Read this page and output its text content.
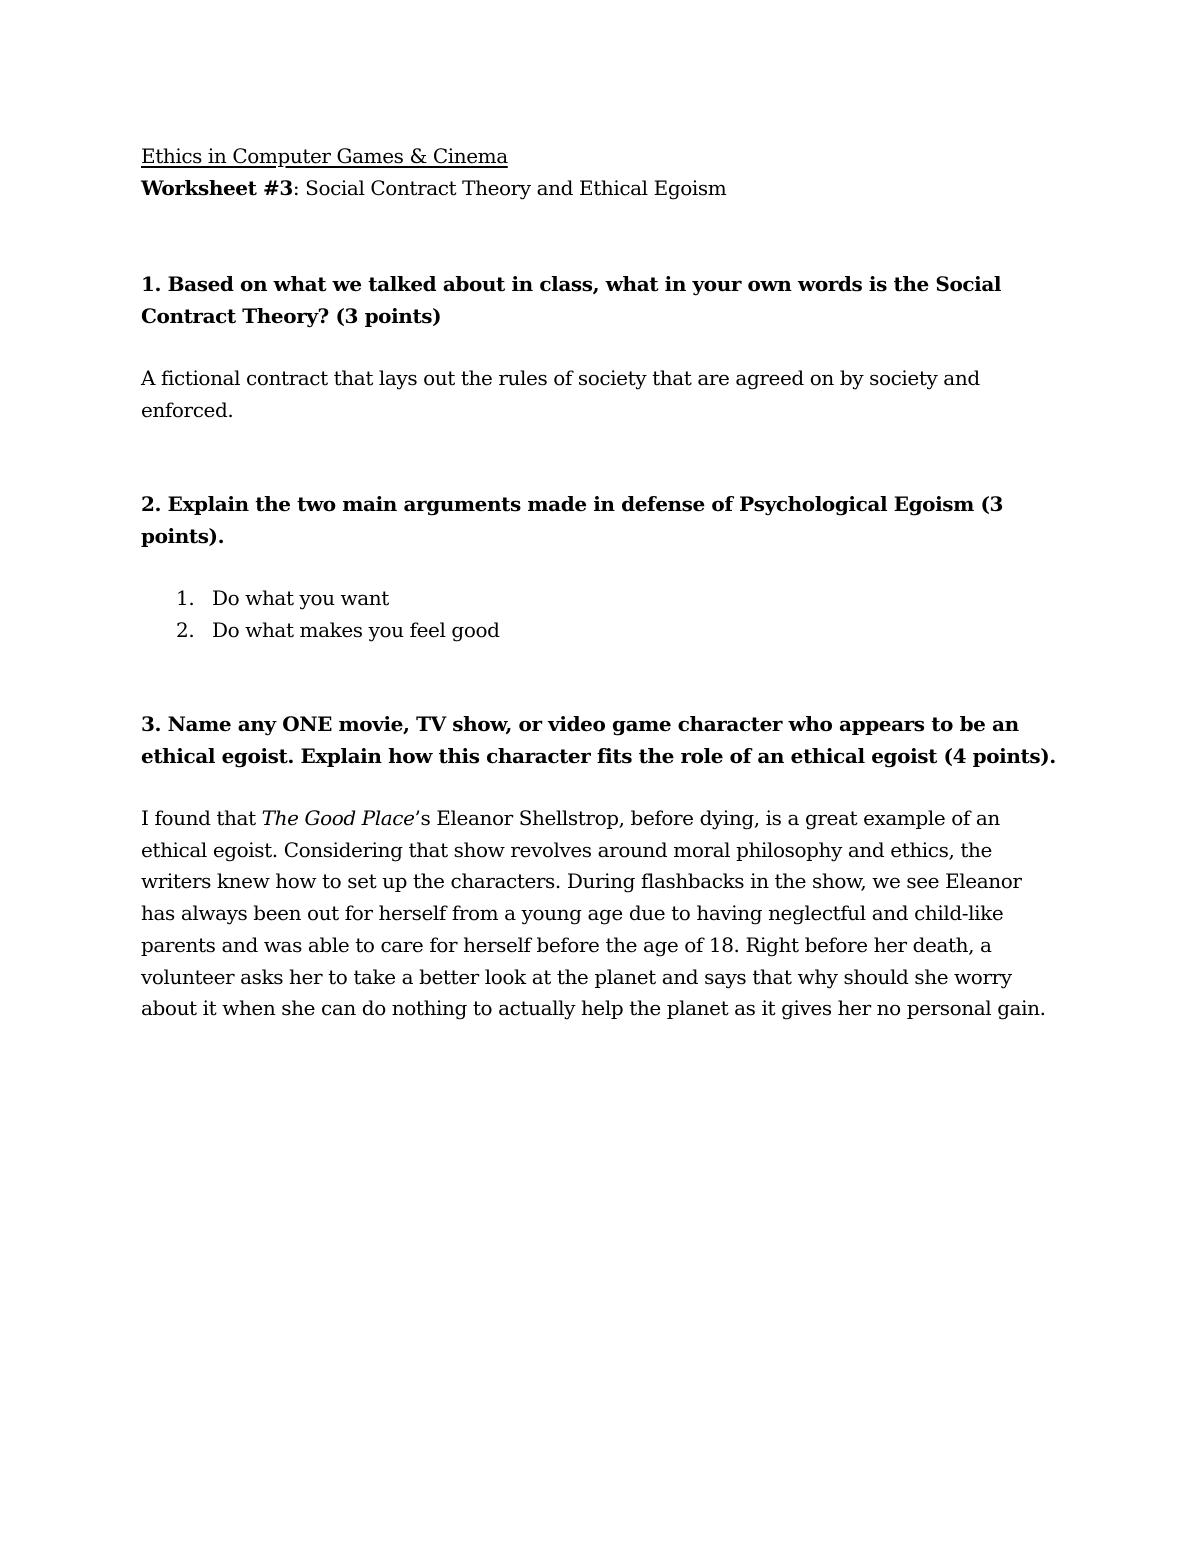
Ethics in Computer Games & Cinema

Worksheet #3: Social Contract Theory and Ethical Egoism

1. Based on what we talked about in class, what in your own words is the Social
Contract Theory? (3 points)
A fictional contract that lays out the rules of society that are agreed on by society and
enforced.
2. Explain the two main arguments made in defense of Psychological Egoism (3
points).
1. Do what you want
2. Do what makes you feel good
3. Name any ONE movie, TV show, or video game character who appears to be an
ethical egoist. Explain how this character fits the role of an ethical egoist (4 points).
I found that The Good Place’s Eleanor Shellstrop, before dying, is a great example of an
ethical egoist. Considering that show revolves around moral philosophy and ethics, the
writers knew how to set up the characters. During flashbacks in the show, we see Eleanor
has always been out for herself from a young age due to having neglectful and child-like
parents and was able to care for herself before the age of 18. Right before her death, a
volunteer asks her to take a better look at the planet and says that why should she worry
about it when she can do nothing to actually help the planet as it gives her no personal gain.
